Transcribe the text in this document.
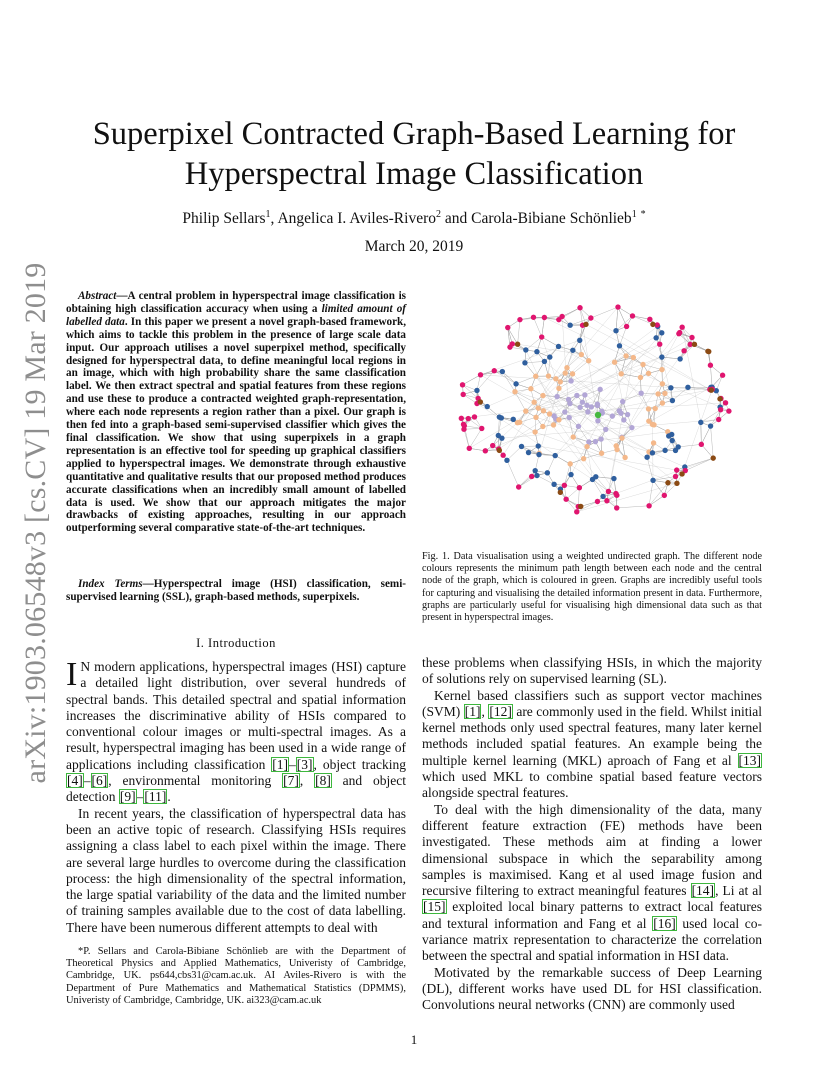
arXiv:1903.06548v3 [cs.CV] 19 Mar 2019
Superpixel Contracted Graph-Based Learning for
Hyperspectral Image Classification
Philip Sellars$^1$, Angelica I. Aviles-Rivero$^2$ and Carola-Bibiane Schönlieb$^1$ *
March 20, 2019
Abstract—A central problem in hyperspectral image classification is obtaining high classification accuracy when using a limited amount of labelled data. In this paper we present a novel graph-based framework, which aims to tackle this problem in the presence of large scale data input. Our approach utilises a novel superpixel method, specifically designed for hyperspectral data, to define meaningful local regions in an image, which with high probability share the same classification label. We then extract spectral and spatial features from these regions and use these to produce a contracted weighted graph-representation, where each node represents a region rather than a pixel. Our graph is then fed into a graph-based semi-supervised classifier which gives the final classification. We show that using superpixels in a graph representation is an effective tool for speeding up graphical classifiers applied to hyperspectral images. We demonstrate through exhaustive quantitative and qualitative results that our proposed method produces accurate classifications when an incredibly small amount of labelled data is used. We show that our approach mitigates the major drawbacks of existing approaches, resulting in our approach outperforming several comparative state-of-the-art techniques.
Index Terms—Hyperspectral image (HSI) classification, semi-supervised learning (SSL), graph-based methods, superpixels.
I. Introduction

I N modern applications, hyperspectral images (HSI) capture a detailed light distribution, over several hundreds of spectral bands. This detailed spectral and spatial information increases the discriminative ability of HSIs compared to conventional colour images or multi-spectral images. As a result, hyperspectral imaging has been used in a wide range of applications including classification [1]–[3], object tracking [4]–[6], environmental monitoring [7], [8] and object detection [9]–[11].

In recent years, the classification of hyperspectral data has been an active topic of research. Classifying HSIs requires assigning a class label to each pixel within the image. There are several large hurdles to overcome during the classification process: the high dimensionality of the spectral information, the large spatial variability of the data and the limited number of training samples available due to the cost of data labelling. There have been numerous different attempts to deal with

*P. Sellars and Carola-Bibiane Schönlieb are with the Department of Theoretical Physics and Applied Mathematics, Univeristy of Cambridge, Cambridge, UK. ps644,cbs31@cam.ac.uk. AI Aviles-Rivero is with the Department of Pure Mathematics and Mathematical Statistics (DPMMS), Univeristy of Cambridge, Cambridge, UK. ai323@cam.ac.uk
Fig. 1. Data visualisation using a weighted undirected graph. The different node colours represents the minimum path length between each node and the central node of the graph, which is coloured in green. Graphs are incredibly useful tools for capturing and visualising the detailed information present in data. Furthermore, graphs are particularly useful for visualising high dimensional data such as that present in hyperspectral images.

these problems when classifying HSIs, in which the majority of solutions rely on supervised learning (SL).

Kernel based classifiers such as support vector machines (SVM) [1], [12] are commonly used in the field. Whilst initial kernel methods only used spectral features, many later kernel methods included spatial features. An example being the multiple kernel learning (MKL) aproach of Fang et al [13] which used MKL to combine spatial based feature vectors alongside spectral features.

To deal with the high dimensionality of the data, many different feature extraction (FE) methods have been investigated. These methods aim at finding a lower dimensional subspace in which the separability among samples is maximised. Kang et al used image fusion and recursive filtering to extract meaningful features [14], Li at al [15] exploited local binary patterns to extract local features and textural information and Fang et al [16] used local co-variance matrix representation to characterize the correlation between the spectral and spatial information in HSI data.

Motivated by the remarkable success of Deep Learning (DL), different works have used DL for HSI classification. Convolutions neural networks (CNN) are commonly used

1
